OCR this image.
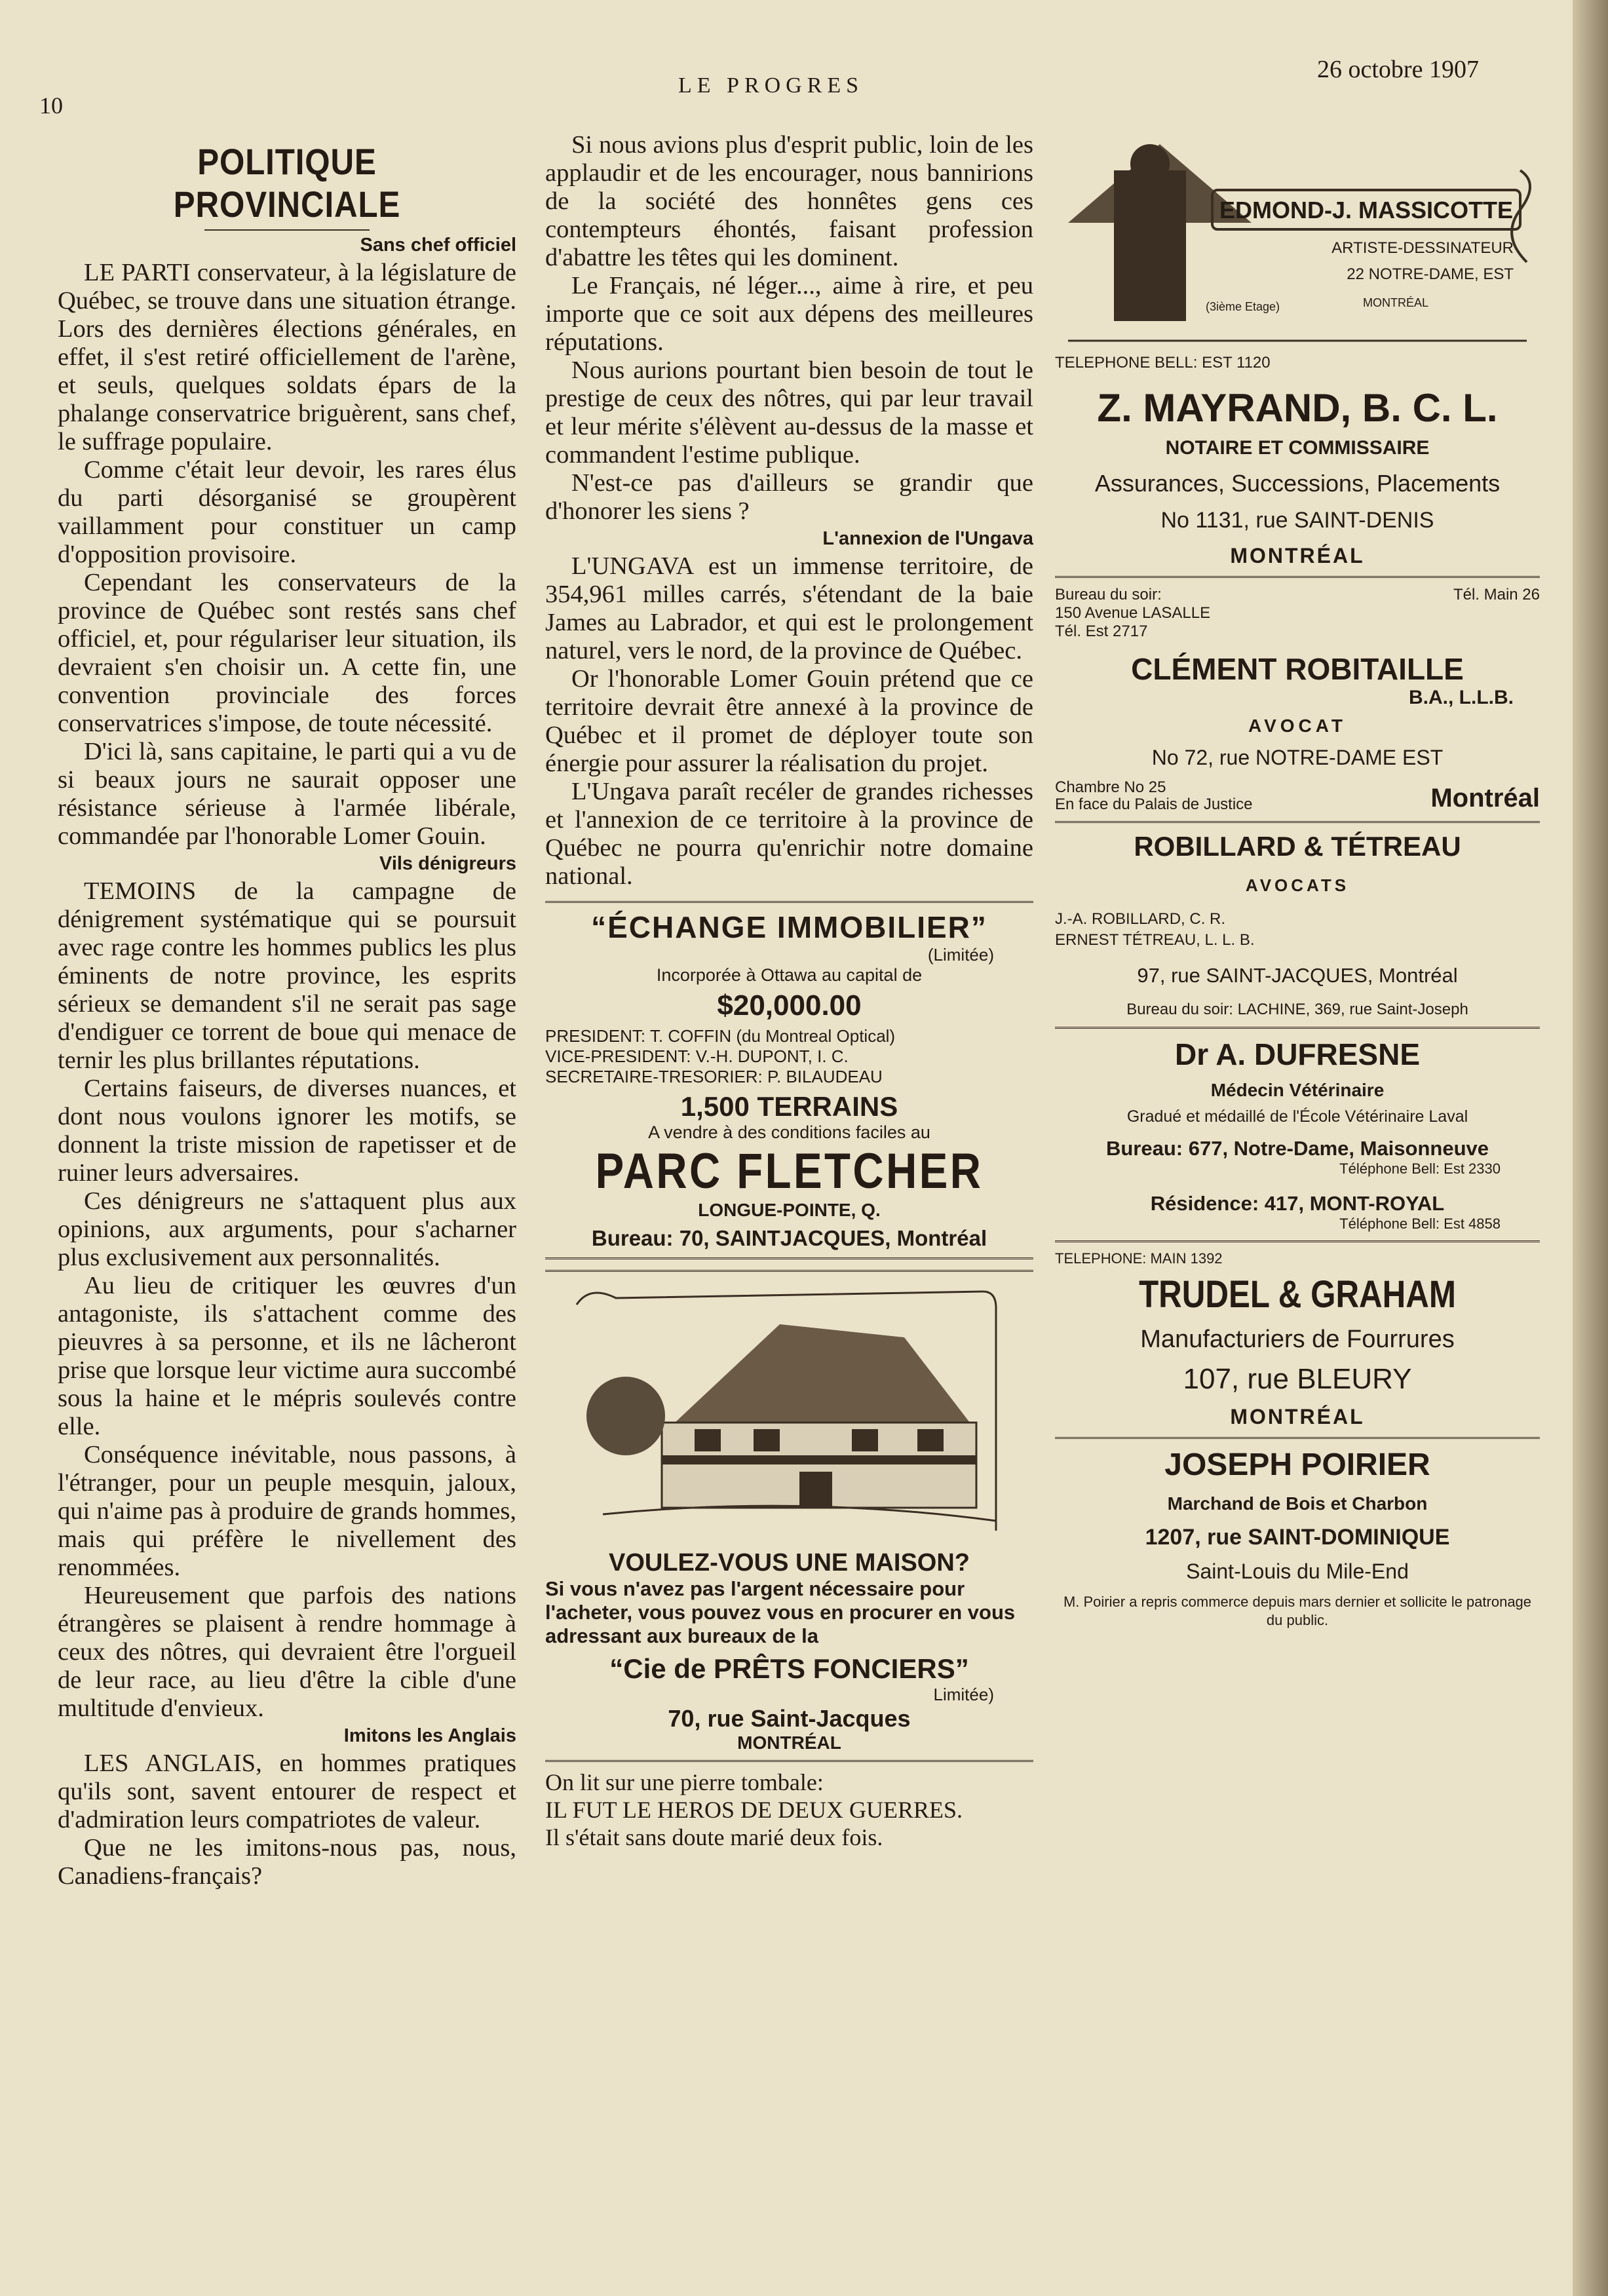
10
LE PROGRES
26 octobre 1907
POLITIQUE PROVINCIALE
Sans chef officiel

LE PARTI conservateur, à la législature de Québec, se trouve dans une situation étrange. Lors des dernières élections générales, en effet, il s'est retiré officiellement de l'arène, et seuls, quelques soldats épars de la phalange conservatrice briguèrent, sans chef, le suffrage populaire.

Comme c'était leur devoir, les rares élus du parti désorganisé se groupèrent vaillamment pour constituer un camp d'opposition provisoire.

Cependant les conservateurs de la province de Québec sont restés sans chef officiel, et, pour régulariser leur situation, ils devraient s'en choisir un. A cette fin, une convention provinciale des forces conservatrices s'impose, de toute nécessité.

D'ici là, sans capitaine, le parti qui a vu de si beaux jours ne saurait opposer une résistance sérieuse à l'armée libérale, commandée par l'honorable Lomer Gouin.

Vils dénigreurs

TEMOINS de la campagne de dénigrement systématique qui se poursuit avec rage contre les hommes publics les plus éminents de notre province, les esprits sérieux se demandent s'il ne serait pas sage d'endiguer ce torrent de boue qui menace de ternir les plus brillantes réputations.

Certains faiseurs, de diverses nuances, et dont nous voulons ignorer les motifs, se donnent la triste mission de rapetisser et de ruiner leurs adversaires.

Ces dénigreurs ne s'attaquent plus aux opinions, aux arguments, pour s'acharner plus exclusivement aux personnalités.

Au lieu de critiquer les œuvres d'un antagoniste, ils s'attachent comme des pieuvres à sa personne, et ils ne lâcheront prise que lorsque leur victime aura succombé sous la haine et le mépris soulevés contre elle.

Conséquence inévitable, nous passons, à l'étranger, pour un peuple mesquin, jaloux, qui n'aime pas à produire de grands hommes, mais qui préfère le nivellement des renommées.

Heureusement que parfois des nations étrangères se plaisent à rendre hommage à ceux des nôtres, qui devraient être l'orgueil de leur race, au lieu d'être la cible d'une multitude d'envieux.

Imitons les Anglais

LES ANGLAIS, en hommes pratiques qu'ils sont, savent entourer de respect et d'admiration leurs compatriotes de valeur.

Que ne les imitons-nous pas, nous, Canadiens-français?

Si nous avions plus d'esprit public, loin de les applaudir et de les encourager, nous bannirions de la société des honnêtes gens ces contempteurs éhontés, faisant profession d'abattre les têtes qui les dominent.

Le Français, né léger..., aime à rire, et peu importe que ce soit aux dépens des meilleures réputations.

Nous aurions pourtant bien besoin de tout le prestige de ceux des nôtres, qui par leur travail et leur mérite s'élèvent au-dessus de la masse et commandent l'estime publique.

N'est-ce pas d'ailleurs se grandir que d'honorer les siens ?

L'annexion de l'Ungava

L'UNGAVA est un immense territoire, de 354,961 milles carrés, s'étendant de la baie James au Labrador, et qui est le prolongement naturel, vers le nord, de la province de Québec.

Or l'honorable Lomer Gouin prétend que ce territoire devrait être annexé à la province de Québec et il promet de déployer toute son énergie pour assurer la réalisation du projet.

L'Ungava paraît recéler de grandes richesses et l'annexion de ce territoire à la province de Québec ne pourra qu'enrichir notre domaine national.

“ÉCHANGE IMMOBILIER”
(Limitée)
Incorporée à Ottawa au capital de
$20,000.00
PRESIDENT: T. COFFIN (du Montreal Optical)
VICE-PRESIDENT: V.-H. DUPONT, I. C.
SECRETAIRE-TRESORIER: P. BILAUDEAU
1,500 TERRAINS
A vendre à des conditions faciles au
PARC FLETCHER
LONGUE-POINTE, Q.
Bureau: 70, SAINTJACQUES, Montréal
VOULEZ-VOUS UNE MAISON?
Si vous n'avez pas l'argent nécessaire pour l'acheter, vous pouvez vous en procurer en vous adressant aux bureaux de la
“Cie de PRÊTS FONCIERS”
Limitée)
70, rue Saint-Jacques
MONTRÉAL
On lit sur une pierre tombale:
IL FUT LE HEROS DE DEUX GUERRES.
Il s'était sans doute marié deux fois.
EDMOND-J. MASSICOTTE
ARTISTE-DESSINATEUR
22 NOTRE-DAME, EST
(3ième Etage)	MONTRÉAL
TELEPHONE BELL: EST 1120
Z. MAYRAND, B. C. L.
NOTAIRE ET COMMISSAIRE
Assurances, Successions, Placements
No 1131, rue SAINT-DENIS
MONTRÉAL
Bureau du soir:
150 Avenue LASALLE
Tél. Est 2717
Tél. Main 26
CLÉMENT ROBITAILLE
B.A., L.L.B.
AVOCAT
No 72, rue NOTRE-DAME EST
Chambre No 25
En face du Palais de Justice	Montréal
ROBILLARD & TÉTREAU
AVOCATS
J.-A. ROBILLARD, C. R.
ERNEST TÉTREAU, L. L. B.
97, rue SAINT-JACQUES, Montréal
Bureau du soir: LACHINE, 369, rue Saint-Joseph
Dr A. DUFRESNE
Médecin Vétérinaire
Gradué et médaillé de l'École Vétérinaire Laval
Bureau: 677, Notre-Dame, Maisonneuve
Téléphone Bell: Est 2330
Résidence: 417, MONT-ROYAL
Téléphone Bell: Est 4858
TELEPHONE: MAIN 1392
TRUDEL & GRAHAM
Manufacturiers de Fourrures
107, rue BLEURY
MONTRÉAL
JOSEPH POIRIER
Marchand de Bois et Charbon
1207, rue SAINT-DOMINIQUE
Saint-Louis du Mile-End
M. Poirier a repris commerce depuis mars dernier et sollicite le patronage du public.
